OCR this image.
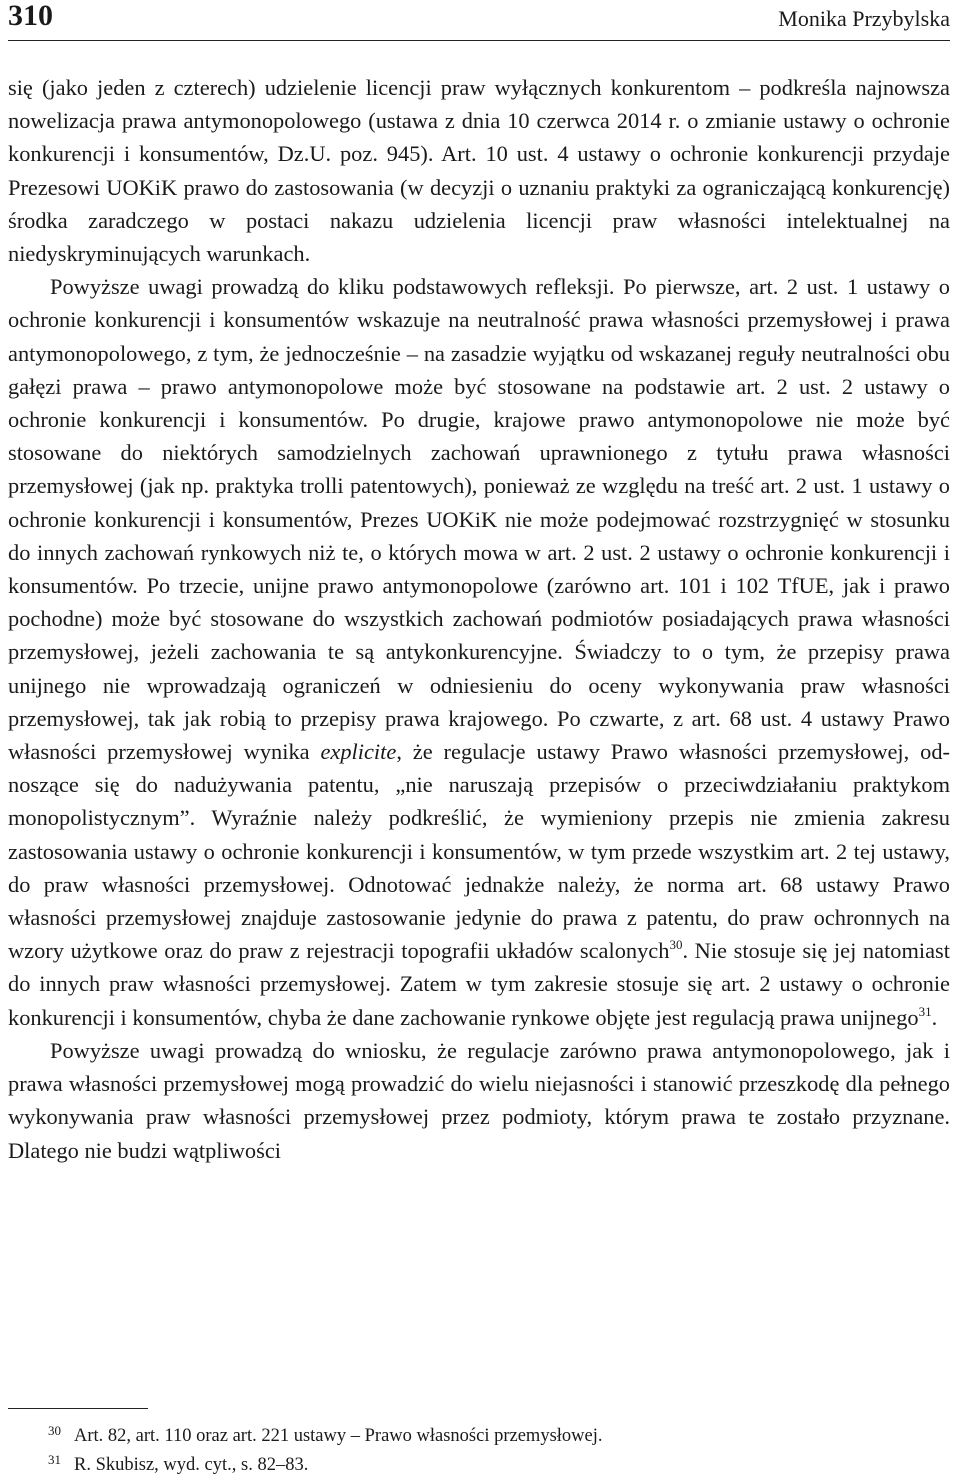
310	Monika Przybylska

się (jako jeden z czterech) udzielenie licencji praw wyłącznych konkurentom – podkreśla najnowsza nowelizacja prawa antymonopolowego (ustawa z dnia 10 czerwca 2014 r. o zmianie ustawy o ochronie konkurencji i konsumentów, Dz.U. poz. 945). Art. 10 ust. 4 ustawy o ochronie konkurencji przydaje Prezesowi UOKiK prawo do zastosowania (w decyzji o uznaniu praktyki za ograniczającą konkurencję) środka zaradczego w postaci nakazu udzielenia licencji praw własności intelektualnej na niedyskryminujących warunkach.

Powyższe uwagi prowadzą do kliku podstawowych refleksji. Po pierwsze, art. 2 ust. 1 ustawy o ochronie konkurencji i konsumentów wskazuje na neutralność prawa własności przemysłowej i prawa antymonopolowego, z tym, że jednocześnie – na zasadzie wyjątku od wskazanej reguły neutralności obu gałęzi prawa – prawo antymonopolowe może być stosowane na podstawie art. 2 ust. 2 ustawy o ochronie konkurencji i konsumentów. Po drugie, krajowe prawo antymonopolowe nie może być stosowane do niektórych samodzielnych zachowań uprawnionego z tytułu prawa własności przemysłowej (jak np. praktyka trolli patentowych), ponieważ ze względu na treść art. 2 ust. 1 ustawy o ochronie konkurencji i konsumentów, Prezes UOKiK nie może podejmować rozstrzygnięć w stosunku do innych zachowań rynkowych niż te, o których mowa w art. 2 ust. 2 ustawy o ochronie konkurencji i konsumentów. Po trzecie, unijne prawo antymonopolowe (zarówno art. 101 i 102 TfUE, jak i prawo pochodne) może być stosowane do wszystkich zachowań podmiotów posiadających prawa własności przemysłowej, jeżeli zachowania te są antykonkurencyjne. Świadczy to o tym, że przepisy prawa unijnego nie wprowadzają ograniczeń w odniesieniu do oceny wykonywania praw własności przemysłowej, tak jak robią to przepisy prawa krajowego. Po czwarte, z art. 68 ust. 4 ustawy Prawo własności przemysłowej wynika explicite, że regulacje ustawy Prawo własności przemysłowej, odnoszące się do nadużywania patentu, „nie naruszają przepisów o przeciwdziałaniu praktykom monopolistycznym”. Wyraźnie należy podkreślić, że wymieniony przepis nie zmienia zakresu zastosowania ustawy o ochronie konkurencji i konsumentów, w tym przede wszystkim art. 2 tej ustawy, do praw własności przemysłowej. Odnotować jednakże należy, że norma art. 68 ustawy Prawo własności przemysłowej znajduje zastosowanie jedynie do prawa z patentu, do praw ochronnych na wzory użytkowe oraz do praw z rejestracji topografii układów scalonych$^{30}$. Nie stosuje się jej natomiast do innych praw własności przemysłowej. Zatem w tym zakresie stosuje się art. 2 ustawy o ochronie konkurencji i konsumentów, chyba że dane zachowanie rynkowe objęte jest regulacją prawa unijnego$^{31}$.

Powyższe uwagi prowadzą do wniosku, że regulacje zarówno prawa antymonopolowego, jak i prawa własności przemysłowej mogą prowadzić do wielu niejasności i stanowić przeszkodę dla pełnego wykonywania praw własności przemysłowej przez podmioty, którym prawa te zostało przyznane. Dlatego nie budzi wątpliwości

30 Art. 82, art. 110 oraz art. 221 ustawy – Prawo własności przemysłowej.

31 R. Skubisz, wyd. cyt., s. 82–83.
